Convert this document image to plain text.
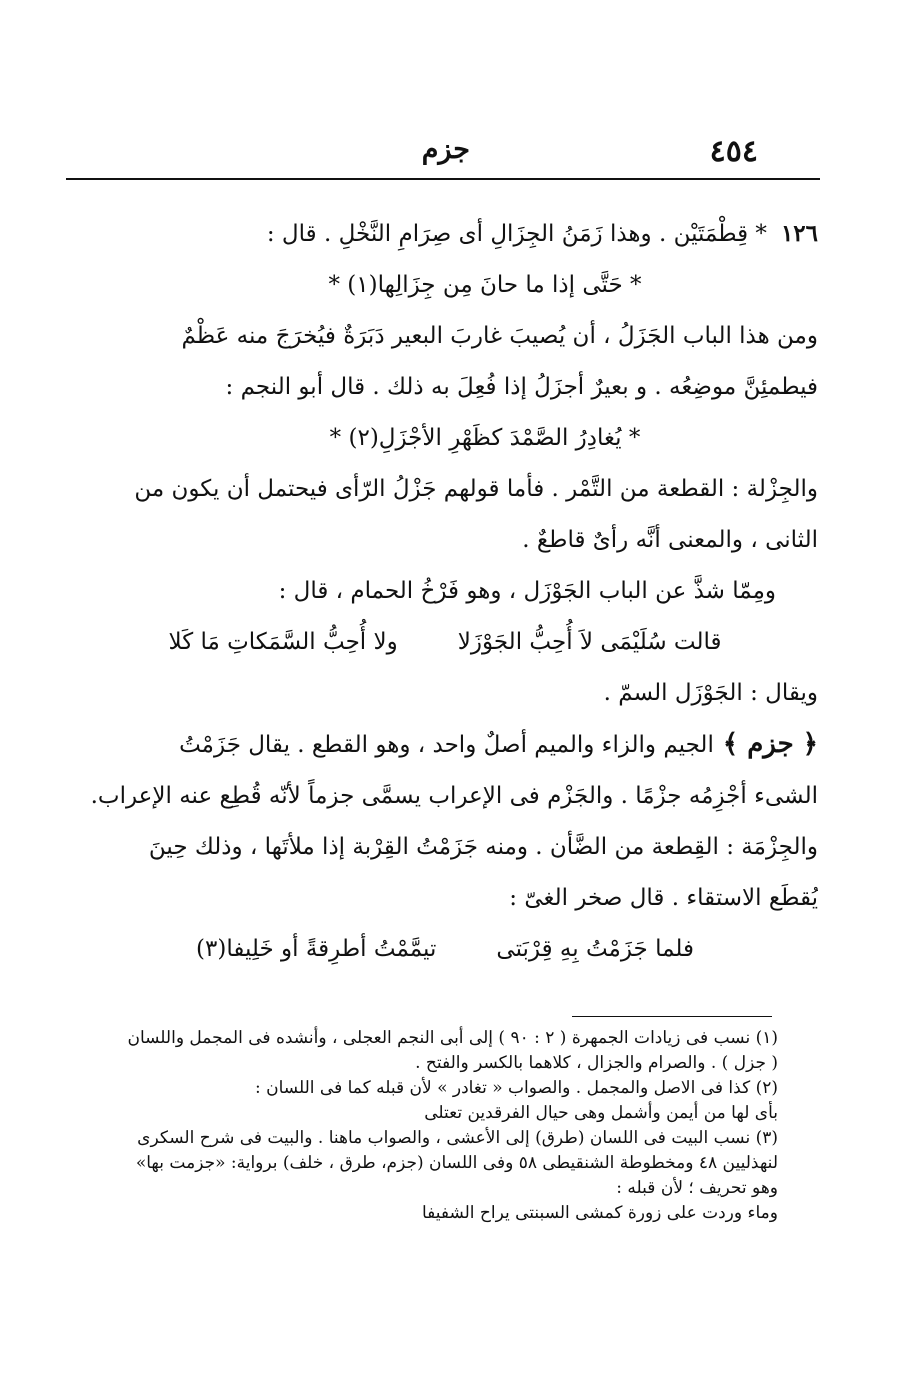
٤٥٤
جزم
١٢٦* قِطْمَتَيْن . وهذا زَمَنُ الجِزَالِ أى صِرَامِ النَّخْلِ . قال :
* حَتَّى إذا ما حانَ مِن جِزَالِها(١) *
ومن هذا الباب الجَزَلُ ، أن يُصيبَ غاربَ البعير دَبَرَةٌ فيُخرَجَ منه عَظْمٌ
فيطمئِنَّ موضِعُه . و بعيرٌ أجزَلُ إذا فُعِلَ به ذلك . قال أبو النجم :
* يُغادِرُ الصَّمْدَ كظَهْرِ الأجْزَلِ(٢) *
والجِزْلة : القطعة من التَّمْر . فأما قولهم جَزْلُ الرّأى فيحتمل أن يكون من
الثانى ، والمعنى أنَّه رأىٌ قاطعٌ .
ومِمّا شذَّ عن الباب الجَوْزَل ، وهو فَرْخُ الحمام ، قال :
قالت سُلَيْمَى لاَ أُحِبُّ الجَوْزَلا
ولا أُحِبُّ السَّمَكاتِ مَا كَلا
ويقال : الجَوْزَل السمّ .
﴿ جزم ﴾ الجيم والزاء والميم أصلٌ واحد ، وهو القطع . يقال جَزَمْتُ
الشىء أجْزِمُه جزْمًا . والجَزْم فى الإعراب يسمَّى جزماً لأنّه قُطِع عنه الإعراب.
والجِزْمَة : القِطعة من الضَّأن . ومنه جَزَمْتُ القِرْبة إذا ملأتَها ، وذلك حِينَ
يُقطَع الاستقاء . قال صخر الغىّ :
فلما جَزَمْتُ بِهِ قِرْبَتى
تيمَّمْتُ أطرِقةً أو خَلِيفا(٣)
(١) نسب فى زيادات الجمهرة ( ٢ : ٩٠ ) إلى أبى النجم العجلى ، وأنشده فى المجمل واللسان
( جزل ) . والصرام والجزال ، كلاهما بالكسر والفتح .
(٢) كذا فى الاصل والمجمل . والصواب « تغادر » لأن قبله كما فى اللسان :
بأى لها من أيمن وأشمل وهى حيال الفرقدين تعتلى
(٣) نسب البيت فى اللسان (طرق) إلى الأعشى ، والصواب ماهنا . والبيت فى شرح السكرى
لنهذليين ٤٨ ومخطوطة الشنقيطى ٥٨ وفى اللسان (جزم، طرق ، خلف) برواية: «جزمت بها»
وهو تحريف ؛ لأن قبله :
وماء وردت على زورة كمشى السبنتى يراح الشفيفا
